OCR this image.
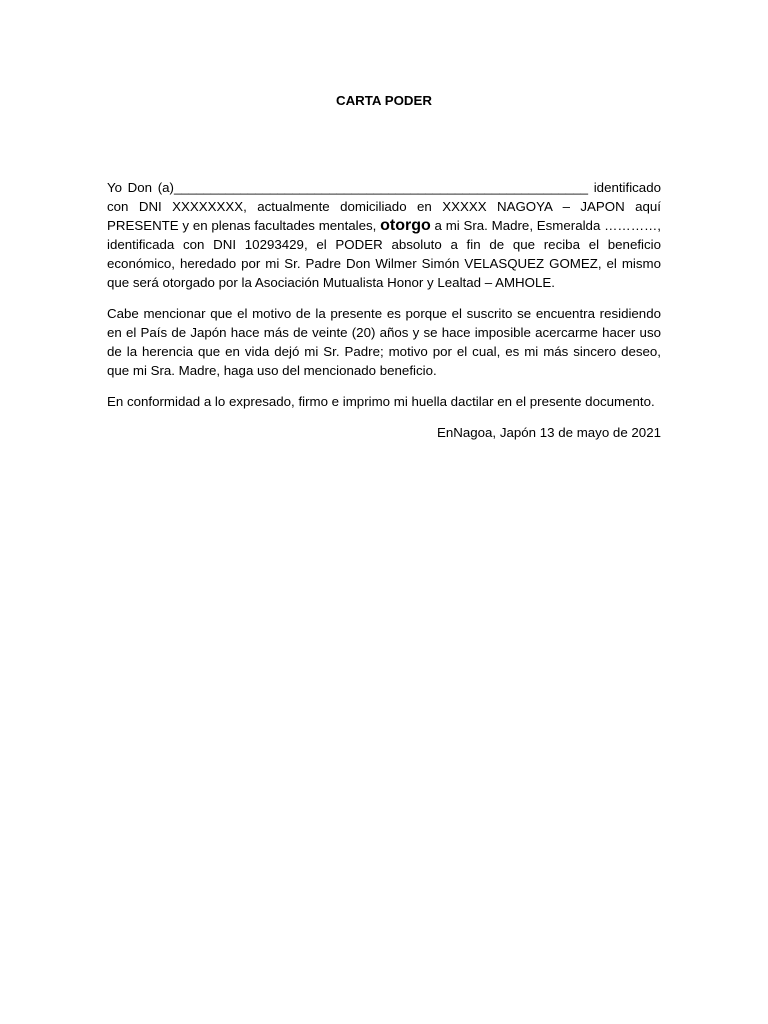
CARTA PODER

Yo Don (a)________________________________________________________ identificado con DNI XXXXXXXX, actualmente domiciliado en XXXXX NAGOYA – JAPON aquí PRESENTE y en plenas facultades mentales, otorgo a mi Sra. Madre, Esmeralda …………, identificada con DNI 10293429, el PODER absoluto a fin de que reciba el beneficio económico, heredado por mi Sr. Padre Don Wilmer Simón VELASQUEZ GOMEZ, el mismo que será otorgado por la Asociación Mutualista Honor y Lealtad – AMHOLE.

Cabe mencionar que el motivo de la presente es porque el suscrito se encuentra residiendo en el País de Japón hace más de veinte (20) años y se hace imposible acercarme hacer uso de la herencia que en vida dejó mi Sr. Padre; motivo por el cual, es mi más sincero deseo, que mi Sra. Madre, haga uso del mencionado beneficio.

En conformidad a lo expresado, firmo e imprimo mi huella dactilar en el presente documento.

EnNagoa, Japón 13 de mayo de 2021
